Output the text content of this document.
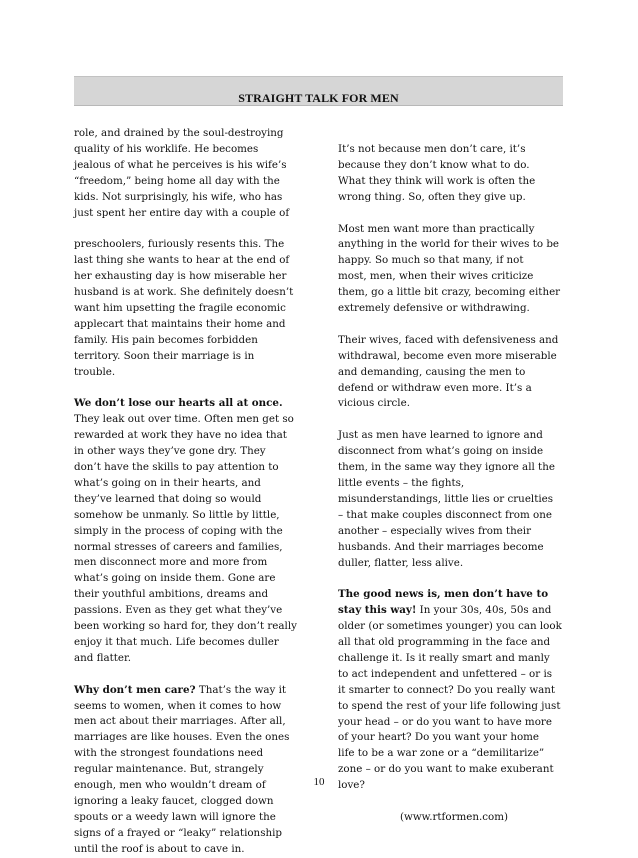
STRAIGHT TALK FOR MEN

role, and drained by the soul-destroying

quality of his worklife. He becomes

jealous of what he perceives is his wife’s

“freedom,” being home all day with the

kids. Not surprisingly, his wife, who has

just spent her entire day with a couple of

preschoolers, furiously resents this. The

last thing she wants to hear at the end of

her exhausting day is how miserable her

husband is at work. She definitely doesn’t

want him upsetting the fragile economic

applecart that maintains their home and

family. His pain becomes forbidden

territory. Soon their marriage is in

trouble.

We don’t lose our hearts all at once.

They leak out over time. Often men get so

rewarded at work they have no idea that

in other ways they’ve gone dry. They

don’t have the skills to pay attention to

what’s going on in their hearts, and

they’ve learned that doing so would

somehow be unmanly. So little by little,

simply in the process of coping with the

normal stresses of careers and families,

men disconnect more and more from

what’s going on inside them. Gone are

their youthful ambitions, dreams and

passions. Even as they get what they’ve

been working so hard for, they don’t really

enjoy it that much. Life becomes duller

and flatter.

Why don’t men care? That’s the way it

seems to women, when it comes to how

men act about their marriages. After all,

marriages are like houses. Even the ones

with the strongest foundations need

regular maintenance. But, strangely

enough, men who wouldn’t dream of

ignoring a leaky faucet, clogged down

spouts or a weedy lawn will ignore the

signs of a frayed or “leaky” relationship

until the roof is about to cave in.

It’s not because men don’t care, it’s

because they don’t know what to do.

What they think will work is often the

wrong thing. So, often they give up.

Most men want more than practically

anything in the world for their wives to be

happy. So much so that many, if not

most, men, when their wives criticize

them, go a little bit crazy, becoming either

extremely defensive or withdrawing.

Their wives, faced with defensiveness and

withdrawal, become even more miserable

and demanding, causing the men to

defend or withdraw even more. It’s a

vicious circle.

Just as men have learned to ignore and

disconnect from what’s going on inside

them, in the same way they ignore all the

little events – the fights,

misunderstandings, little lies or cruelties

– that make couples disconnect from one

another – especially wives from their

husbands. And their marriages become

duller, flatter, less alive.

The good news is, men don’t have to

stay this way! In your 30s, 40s, 50s and

older (or sometimes younger) you can look

all that old programming in the face and

challenge it. Is it really smart and manly

to act independent and unfettered – or is

it smarter to connect? Do you really want

to spend the rest of your life following just

your head – or do you want to have more

of your heart? Do you want your home

life to be a war zone or a “demilitarize”

zone – or do you want to make exuberant

love?

(www.rtformen.com)

10
